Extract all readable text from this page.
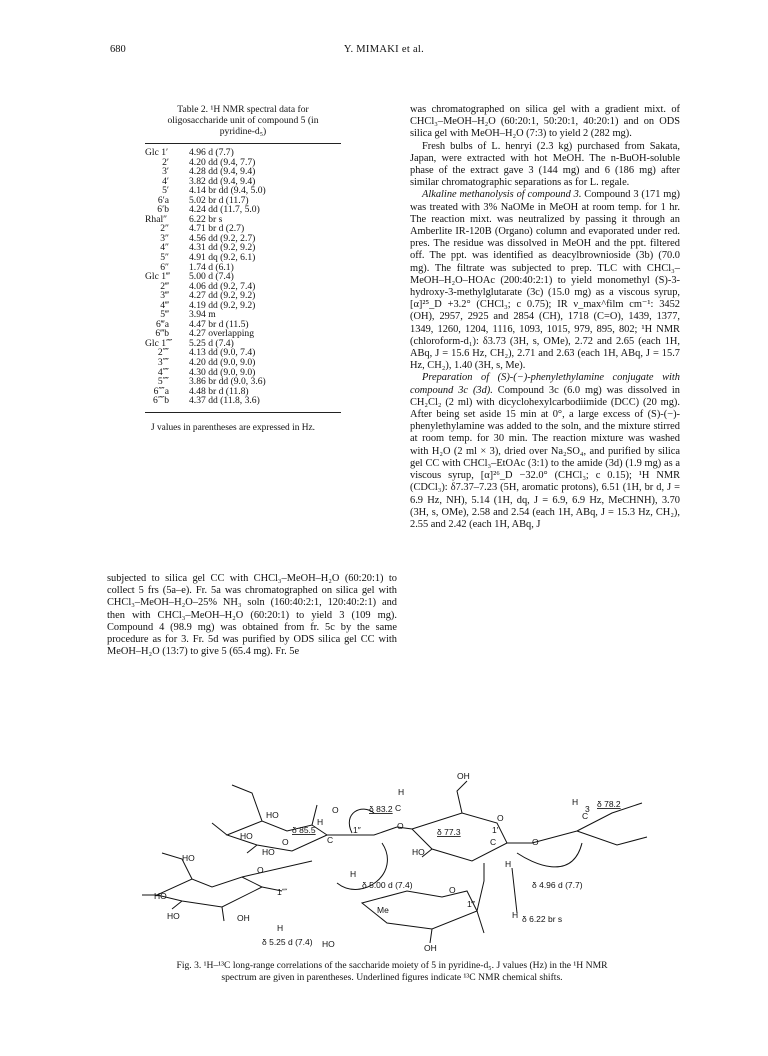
680	Y. MIMAKI et al.
Table 2. ¹H NMR spectral data for
oligosaccharide unit of compound 5 (in
pyridine-d₅)
Glc 1′	4.96 d (7.7)
2′	4.20 dd (9.4, 7.7)
3′	4.28 dd (9.4, 9.4)
4′	3.82 dd (9.4, 9.4)
5′	4.14 br dd (9.4, 5.0)
6′a	5.02 br d (11.7)
6′b	4.24 dd (11.7, 5.0)
Rhal″	6.22 br s
2″	4.71 br d (2.7)
3″	4.56 dd (9.2, 2.7)
4″	4.31 dd (9.2, 9.2)
5″	4.91 dq (9.2, 6.1)
6″	1.74 d (6.1)
Glc 1‴	5.00 d (7.4)
2‴	4.06 dd (9.2, 7.4)
3‴	4.27 dd (9.2, 9.2)
4‴	4.19 dd (9.2, 9.2)
5‴	3.94 m
6‴a	4.47 br d (11.5)
6‴b	4.27 overlapping
Glc 1⁗	5.25 d (7.4)
2⁗	4.13 dd (9.0, 7.4)
3⁗	4.20 dd (9.0, 9.0)
4⁗	4.30 dd (9.0, 9.0)
5⁗	3.86 br dd (9.0, 3.6)
6⁗a	4.48 br d (11.8)
6⁗b	4.37 dd (11.8, 3.6)
J values in parentheses are expressed in Hz.

subjected to silica gel CC with CHCl₃–MeOH–H₂O (60:20:1) to collect 5 frs (5a–e). Fr. 5a was chromatographed on silica gel with CHCl₃–MeOH–H₂O–25% NH₃ soln (160:40:2:1, 120:40:2:1) and then with CHCl₃–MeOH–H₂O (60:20:1) to yield 3 (109 mg). Compound 4 (98.9 mg) was obtained from fr. 5c by the same procedure as for 3. Fr. 5d was purified by ODS silica gel CC with MeOH–H₂O (13:7) to give 5 (65.4 mg). Fr. 5e

was chromatographed on silica gel with a gradient mixt. of CHCl₃–MeOH–H₂O (60:20:1, 50:20:1, 40:20:1) and on ODS silica gel with MeOH–H₂O (7:3) to yield 2 (282 mg).

Fresh bulbs of L. henryi (2.3 kg) purchased from Sakata, Japan, were extracted with hot MeOH. The n-BuOH-soluble phase of the extract gave 3 (144 mg) and 6 (186 mg) after similar chromatographic separations as for L. regale.

Alkaline methanolysis of compound 3. Compound 3 (171 mg) was treated with 3% NaOMe in MeOH at room temp. for 1 hr. The reaction mixt. was neutralized by passing it through an Amberlite IR-120B (Organo) column and evaporated under red. pres. The residue was dissolved in MeOH and the ppt. filtered off. The ppt. was identified as deacylbrownioside (3b) (70.0 mg). The filtrate was subjected to prep. TLC with CHCl₃–MeOH–H₂O–HOAc (200:40:2:1) to yield monomethyl (S)-3-hydroxy-3-methylglutarate (3c) (15.0 mg) as a viscous syrup, [α]²⁵_D +3.2° (CHCl₃; c 0.75); IR ν_max^film cm⁻¹: 3452 (OH), 2957, 2925 and 2854 (CH), 1718 (C=O), 1439, 1377, 1349, 1260, 1204, 1116, 1093, 1015, 979, 895, 802; ¹H NMR (chloroform-d₁): δ3.73 (3H, s, OMe), 2.72 and 2.65 (each 1H, ABq, J = 15.6 Hz, CH₂), 2.71 and 2.63 (each 1H, ABq, J = 15.7 Hz, CH₂), 1.40 (3H, s, Me).

Preparation of (S)-(−)-phenylethylamine conjugate with compound 3c (3d). Compound 3c (6.0 mg) was dissolved in CH₂Cl₂ (2 ml) with dicyclohexylcarbodiimide (DCC) (20 mg). After being set aside 15 min at 0°, a large excess of (S)-(−)-phenylethylamine was added to the soln, and the mixture stirred at room temp. for 30 min. The reaction mixture was washed with H₂O (2 ml × 3), dried over Na₂SO₄, and purified by silica gel CC with CHCl₃–EtOAc (3:1) to the amide (3d) (1.9 mg) as a viscous syrup, [α]²⁶_D −32.0° (CHCl₃; c 0.15); ¹H NMR (CDCl₃): δ7.37–7.23 (5H, aromatic protons), 6.51 (1H, br d, J = 6.9 Hz, NH), 5.14 (1H, dq, J = 6.9, 6.9 Hz, MeCHNH), 3.70 (3H, s, OMe), 2.58 and 2.54 (each 1H, ABq, J = 15.3 Hz, CH₂), 2.55 and 2.42 (each 1H, ABq, J

OH
H
HO
HO
HO
HO
HO
HO
HO
HO
δ 83.2
δ 85.5	δ 77.3
δ 78.2
O
O
O
O
O
O
O	C
C
C
C
H
H
H
H
H
H
1″	1′
1⁗
1‴
3
δ 5.00 d (7.4)	δ 4.96 d (7.7)
δ 5.25 d (7.4)
δ 6.22 br s
OH
OH
Me
Fig. 3. ¹H–¹³C long-range correlations of the saccharide moiety of 5 in pyridine-d₅. J values (Hz) in the ¹H NMR
spectrum are given in parentheses. Underlined figures indicate ¹³C NMR chemical shifts.
